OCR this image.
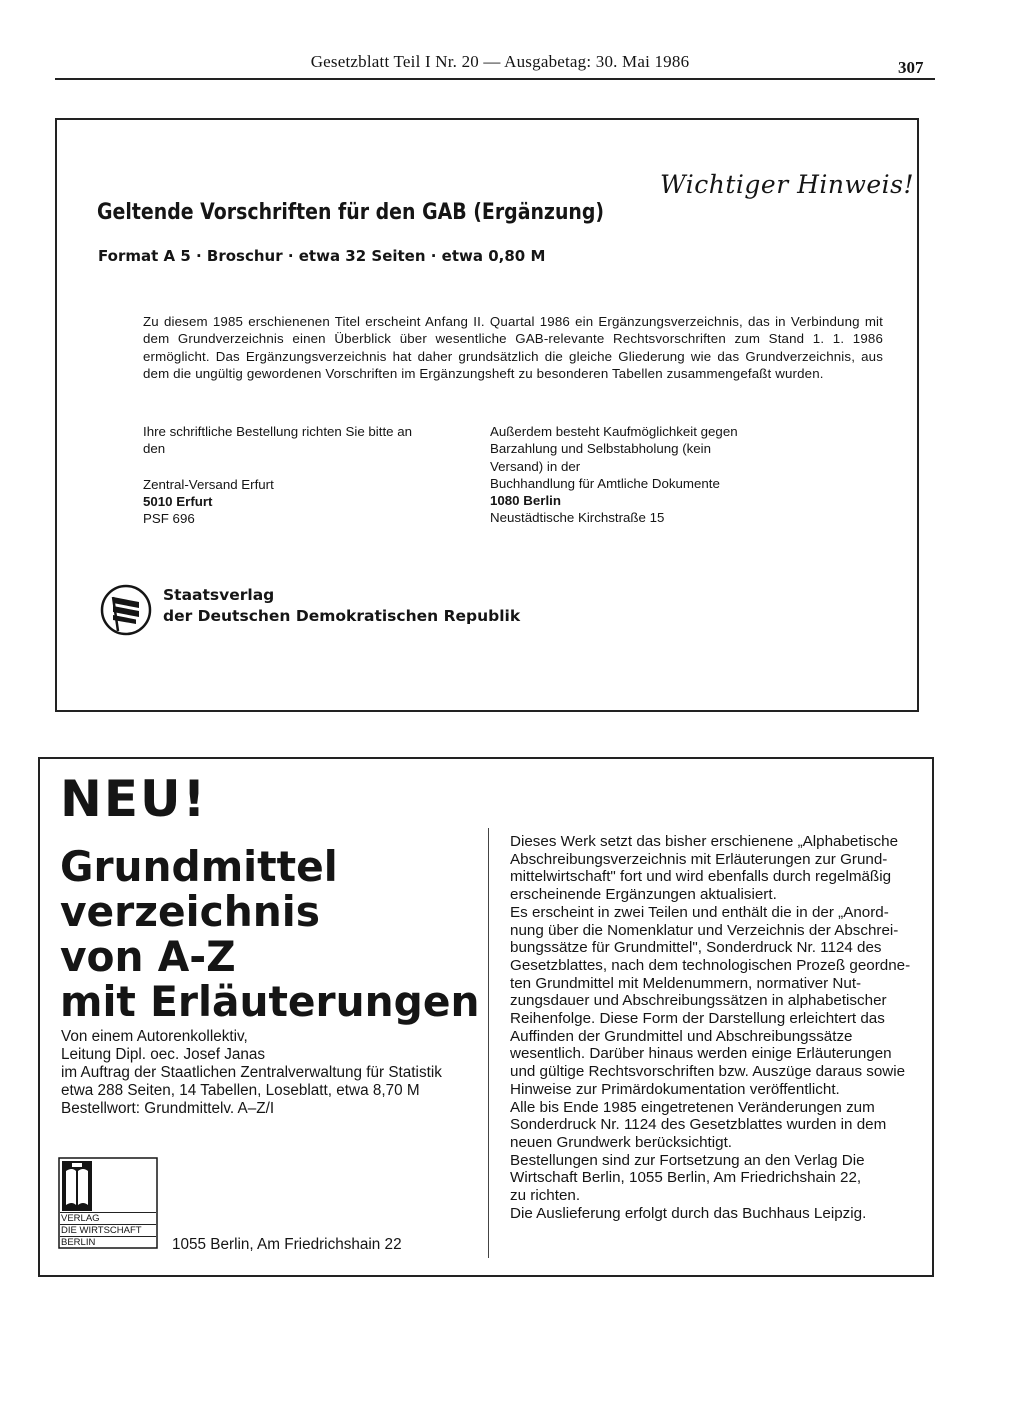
Gesetzblatt Teil I Nr. 20 — Ausgabetag: 30. Mai 1986	307
Wichtiger Hinweis!
Geltende Vorschriften für den GAB (Ergänzung)
Format A 5 · Broschur · etwa 32 Seiten · etwa 0,80 M
Zu diesem 1985 erschienenen Titel erscheint Anfang II. Quartal 1986 ein Ergänzungsverzeichnis, das in Verbindung mit dem Grundverzeichnis einen Überblick über wesentliche GAB-relevante Rechtsvorschriften zum Stand 1. 1. 1986 ermöglicht. Das Ergänzungsverzeichnis hat daher grundsätzlich die gleiche Gliederung wie das Grundverzeichnis, aus dem die ungültig gewordenen Vorschriften im Ergänzungsheft zu besonderen Tabellen zusammengefaßt wurden.
Ihre schriftliche Bestellung richten Sie bitte an den
Zentral-Versand Erfurt
5010 Erfurt
PSF 696
Außerdem besteht Kaufmöglichkeit gegen Barzahlung und Selbstabholung (kein Versand) in der
Buchhandlung für Amtliche Dokumente
1080 Berlin
Neustädtische Kirchstraße 15
Staatsverlag
der Deutschen Demokratischen Republik
NEU!
Grundmittel
verzeichnis
von A-Z
mit Erläuterungen
Von einem Autorenkollektiv,
Leitung Dipl. oec. Josef Janas
im Auftrag der Staatlichen Zentralverwaltung für Statistik
etwa 288 Seiten, 14 Tabellen, Loseblatt, etwa 8,70 M
Bestellwort: Grundmittelv. A–Z/I
VERLAG
DIE WIRTSCHAFT
BERLIN	1055 Berlin, Am Friedrichshain 22
Dieses Werk setzt das bisher erschienene „Alphabetische
Abschreibungsverzeichnis mit Erläuterungen zur Grund-
mittelwirtschaft" fort und wird ebenfalls durch regelmäßig
erscheinende Ergänzungen aktualisiert.
Es erscheint in zwei Teilen und enthält die in der „Anord-
nung über die Nomenklatur und Verzeichnis der Abschrei-
bungssätze für Grundmittel", Sonderdruck Nr. 1124 des
Gesetzblattes, nach dem technologischen Prozeß geordne-
ten Grundmittel mit Meldenummern, normativer Nut-
zungsdauer und Abschreibungssätzen in alphabetischer
Reihenfolge. Diese Form der Darstellung erleichtert das
Auffinden der Grundmittel und Abschreibungssätze
wesentlich. Darüber hinaus werden einige Erläuterungen
und gültige Rechtsvorschriften bzw. Auszüge daraus sowie
Hinweise zur Primärdokumentation veröffentlicht.
Alle bis Ende 1985 eingetretenen Veränderungen zum
Sonderdruck Nr. 1124 des Gesetzblattes wurden in dem
neuen Grundwerk berücksichtigt.
Bestellungen sind zur Fortsetzung an den Verlag Die
Wirtschaft Berlin, 1055 Berlin, Am Friedrichshain 22,
zu richten.
Die Auslieferung erfolgt durch das Buchhaus Leipzig.
